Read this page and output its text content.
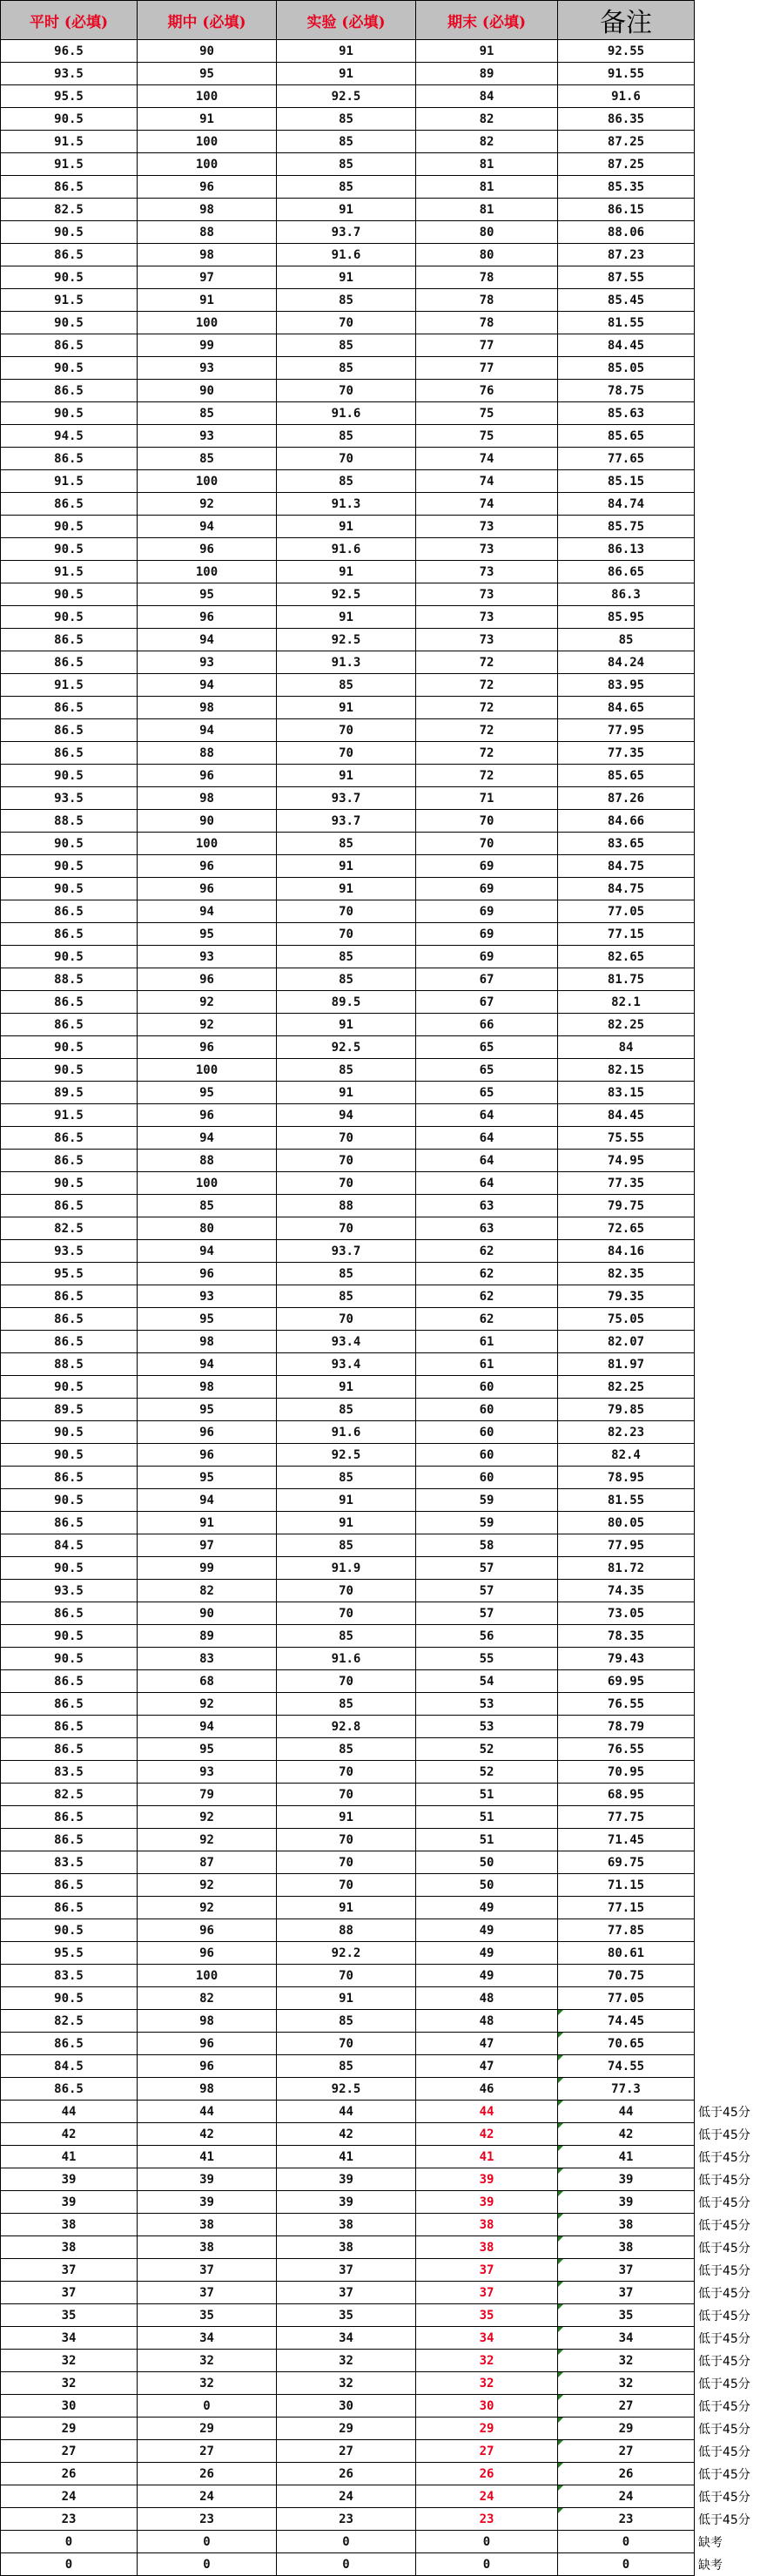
平时 (必填)	期中 (必填)	实验 (必填)	期末 (必填)	备注	
96.5	90	91	91	92.55	
93.5	95	91	89	91.55	
95.5	100	92.5	84	91.6	
90.5	91	85	82	86.35	
91.5	100	85	82	87.25	
91.5	100	85	81	87.25	
86.5	96	85	81	85.35	
82.5	98	91	81	86.15	
90.5	88	93.7	80	88.06	
86.5	98	91.6	80	87.23	
90.5	97	91	78	87.55	
91.5	91	85	78	85.45	
90.5	100	70	78	81.55	
86.5	99	85	77	84.45	
90.5	93	85	77	85.05	
86.5	90	70	76	78.75	
90.5	85	91.6	75	85.63	
94.5	93	85	75	85.65	
86.5	85	70	74	77.65	
91.5	100	85	74	85.15	
86.5	92	91.3	74	84.74	
90.5	94	91	73	85.75	
90.5	96	91.6	73	86.13	
91.5	100	91	73	86.65	
90.5	95	92.5	73	86.3	
90.5	96	91	73	85.95	
86.5	94	92.5	73	85	
86.5	93	91.3	72	84.24	
91.5	94	85	72	83.95	
86.5	98	91	72	84.65	
86.5	94	70	72	77.95	
86.5	88	70	72	77.35	
90.5	96	91	72	85.65	
93.5	98	93.7	71	87.26	
88.5	90	93.7	70	84.66	
90.5	100	85	70	83.65	
90.5	96	91	69	84.75	
90.5	96	91	69	84.75	
86.5	94	70	69	77.05	
86.5	95	70	69	77.15	
90.5	93	85	69	82.65	
88.5	96	85	67	81.75	
86.5	92	89.5	67	82.1	
86.5	92	91	66	82.25	
90.5	96	92.5	65	84	
90.5	100	85	65	82.15	
89.5	95	91	65	83.15	
91.5	96	94	64	84.45	
86.5	94	70	64	75.55	
86.5	88	70	64	74.95	
90.5	100	70	64	77.35	
86.5	85	88	63	79.75	
82.5	80	70	63	72.65	
93.5	94	93.7	62	84.16	
95.5	96	85	62	82.35	
86.5	93	85	62	79.35	
86.5	95	70	62	75.05	
86.5	98	93.4	61	82.07	
88.5	94	93.4	61	81.97	
90.5	98	91	60	82.25	
89.5	95	85	60	79.85	
90.5	96	91.6	60	82.23	
90.5	96	92.5	60	82.4	
86.5	95	85	60	78.95	
90.5	94	91	59	81.55	
86.5	91	91	59	80.05	
84.5	97	85	58	77.95	
90.5	99	91.9	57	81.72	
93.5	82	70	57	74.35	
86.5	90	70	57	73.05	
90.5	89	85	56	78.35	
90.5	83	91.6	55	79.43	
86.5	68	70	54	69.95	
86.5	92	85	53	76.55	
86.5	94	92.8	53	78.79	
86.5	95	85	52	76.55	
83.5	93	70	52	70.95	
82.5	79	70	51	68.95	
86.5	92	91	51	77.75	
86.5	92	70	51	71.45	
83.5	87	70	50	69.75	
86.5	92	70	50	71.15	
86.5	92	91	49	77.15	
90.5	96	88	49	77.85	
95.5	96	92.2	49	80.61	
83.5	100	70	49	70.75	
90.5	82	91	48	77.05	
82.5	98	85	48	74.45	
86.5	96	70	47	70.65	
84.5	96	85	47	74.55	
86.5	98	92.5	46	77.3	
44	44	44	44	44	低于45分
42	42	42	42	42	低于45分
41	41	41	41	41	低于45分
39	39	39	39	39	低于45分
39	39	39	39	39	低于45分
38	38	38	38	38	低于45分
38	38	38	38	38	低于45分
37	37	37	37	37	低于45分
37	37	37	37	37	低于45分
35	35	35	35	35	低于45分
34	34	34	34	34	低于45分
32	32	32	32	32	低于45分
32	32	32	32	32	低于45分
30	0	30	30	27	低于45分
29	29	29	29	29	低于45分
27	27	27	27	27	低于45分
26	26	26	26	26	低于45分
24	24	24	24	24	低于45分
23	23	23	23	23	低于45分
0	0	0	0	0	缺考
0	0	0	0	0	缺考
